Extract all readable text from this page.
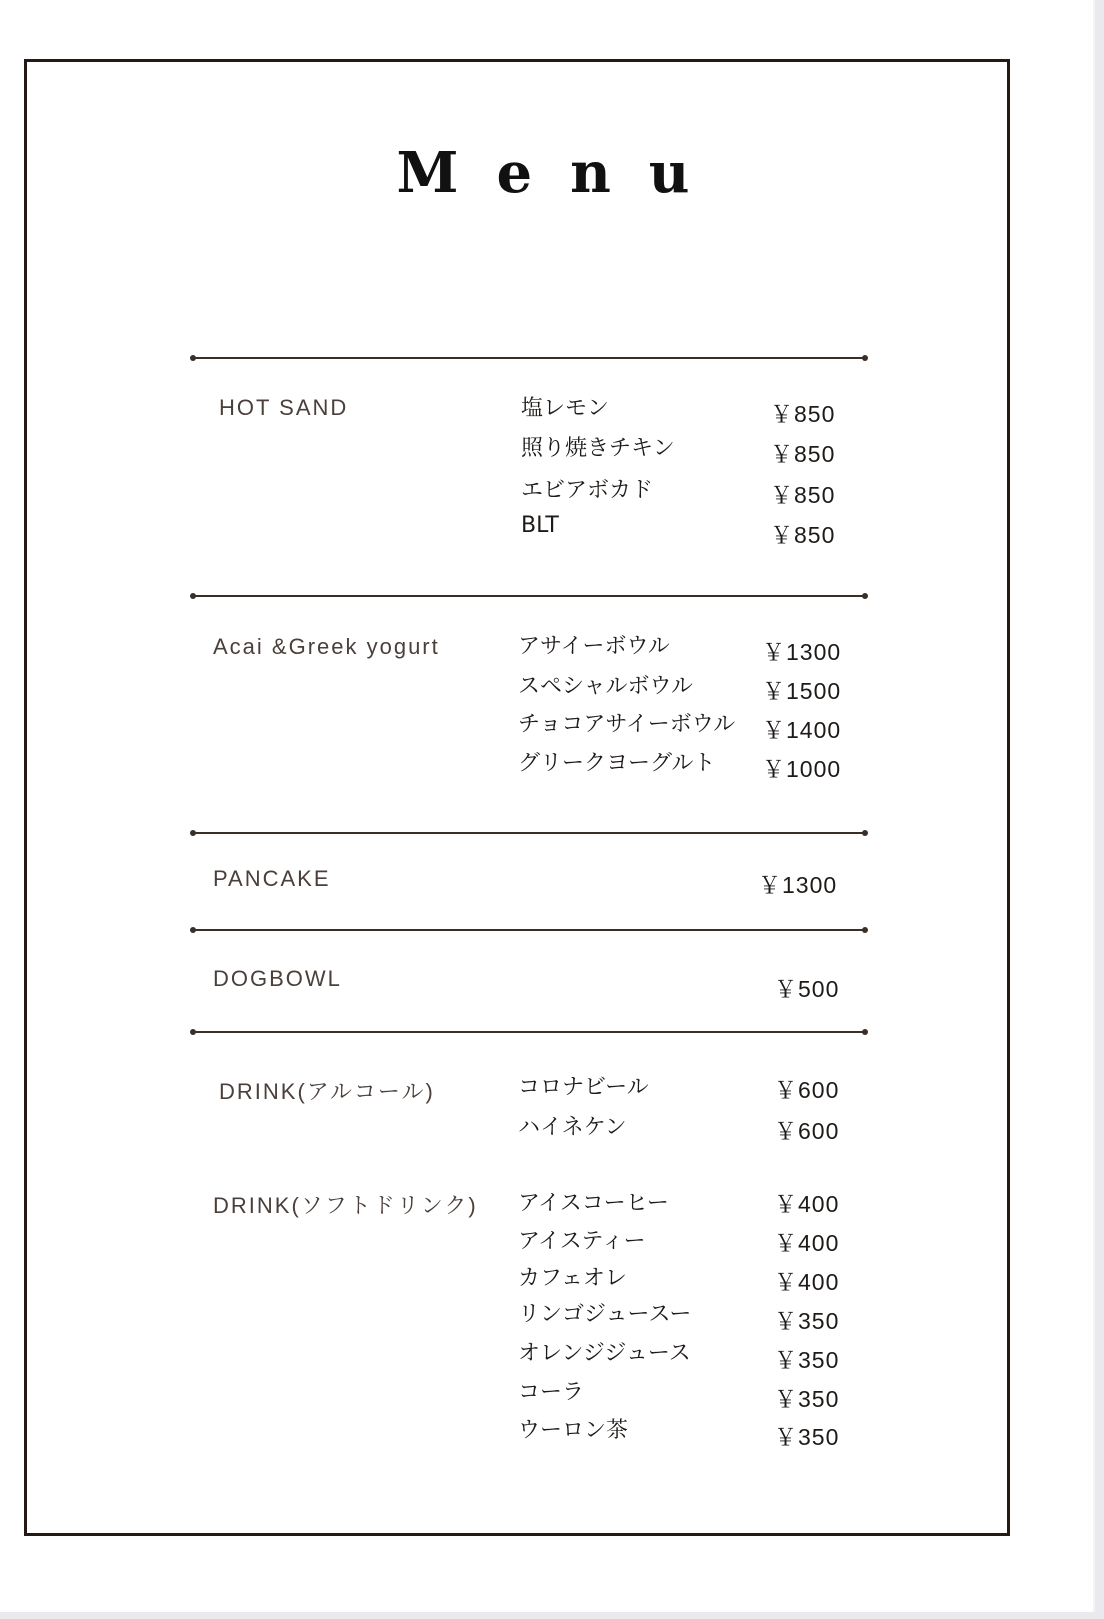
Menu
HOT SAND	塩レモン	￥850
照り焼きチキン	￥850
エビアボカド	￥850
BLT	￥850
Acai &Greek yogurt	アサイーボウル	￥1300
スペシャルボウル	￥1500
チョコアサイーボウル ￥1400
グリークヨーグルト ￥1000
PANCAKE	￥1300
DOGBOWL	￥500
DRINK(アルコール)	コロナビール	￥600
ハイネケン	￥600
DRINK(ソフトドリンク) アイスコーヒー	￥400
アイスティー	￥400
カフェオレ	￥400
リンゴジュースー	￥350
オレンジジュース	￥350
コーラ	￥350
ウーロン茶	￥350
